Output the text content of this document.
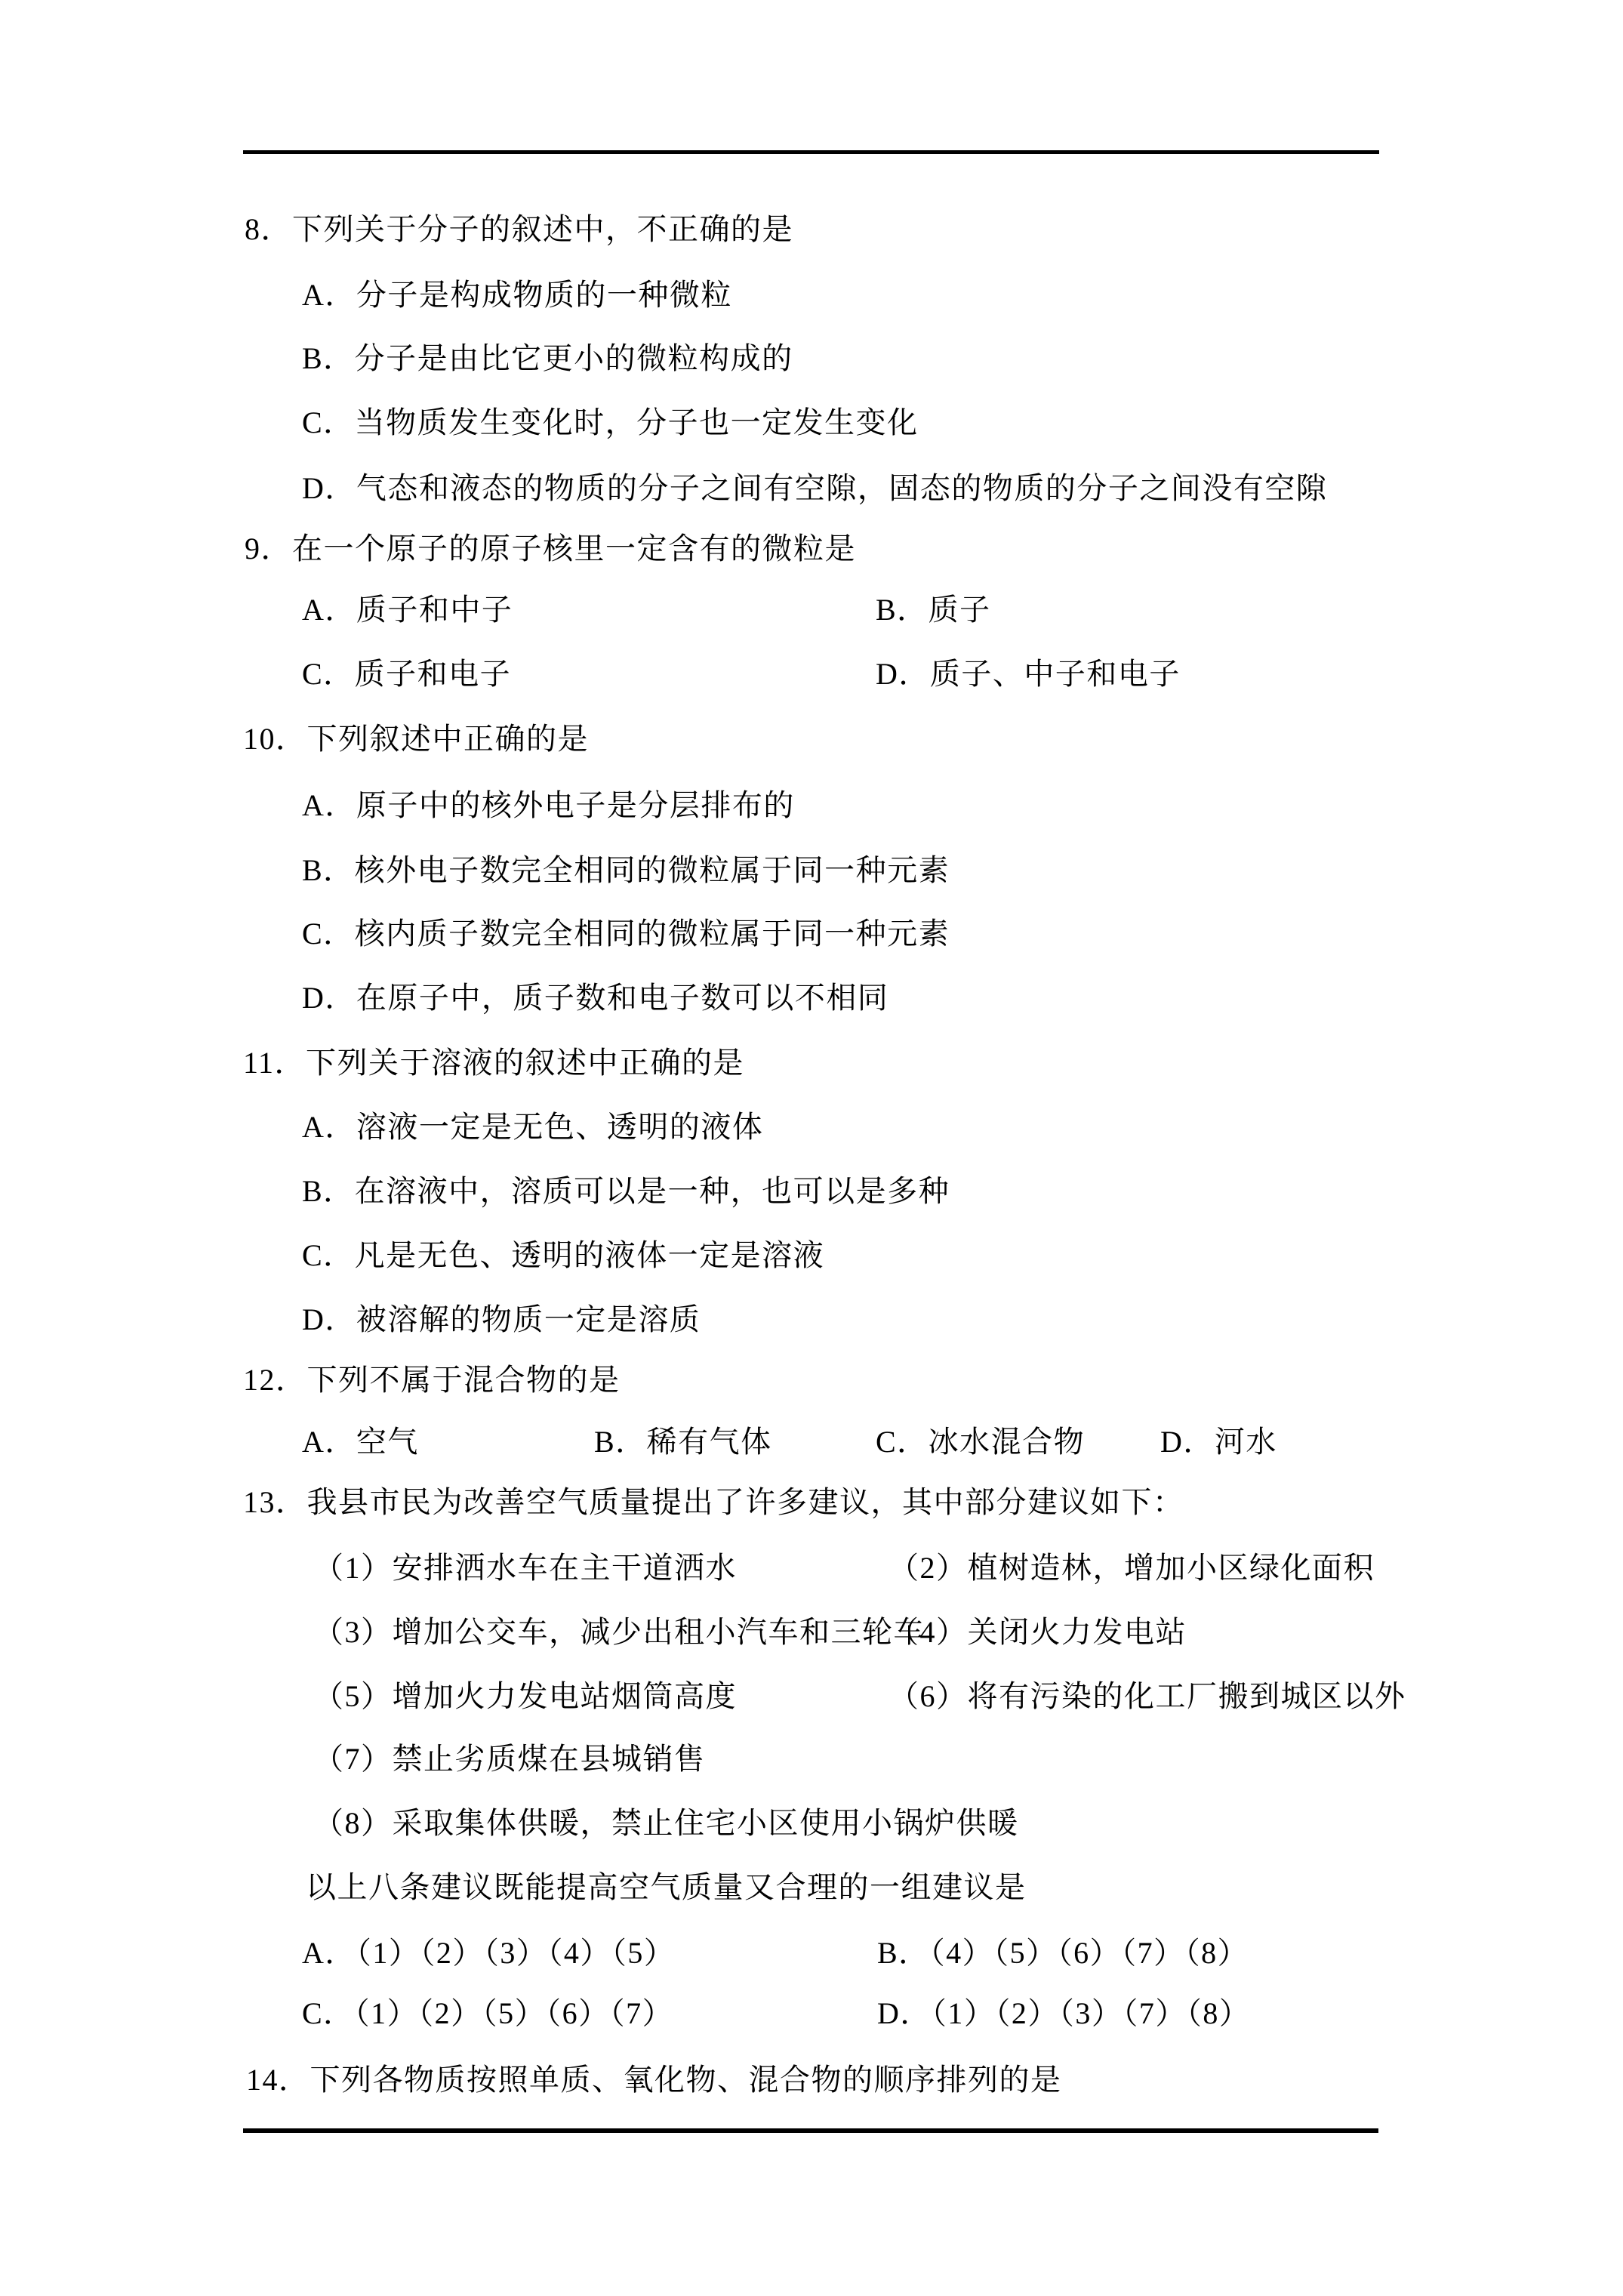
8．下列关于分子的叙述中，不正确的是
A．分子是构成物质的一种微粒
B．分子是由比它更小的微粒构成的
C．当物质发生变化时，分子也一定发生变化
D．气态和液态的物质的分子之间有空隙，固态的物质的分子之间没有空隙
9．在一个原子的原子核里一定含有的微粒是
A．质子和中子	B．质子
C．质子和电子	D．质子、中子和电子
10．下列叙述中正确的是
A．原子中的核外电子是分层排布的
B．核外电子数完全相同的微粒属于同一种元素
C．核内质子数完全相同的微粒属于同一种元素
D．在原子中，质子数和电子数可以不相同
11．下列关于溶液的叙述中正确的是
A．溶液一定是无色、透明的液体
B．在溶液中，溶质可以是一种，也可以是多种
C．凡是无色、透明的液体一定是溶液
D．被溶解的物质一定是溶质
12．下列不属于混合物的是
A．空气	B．稀有气体	C．冰水混合物 D．河水
13．我县市民为改善空气质量提出了许多建议，其中部分建议如下：
（1）安排洒水车在主干道洒水	（2）植树造林，增加小区绿化面积
（3）增加公交车，减少出租小汽车和三轮车
（4）关闭火力发电站
（5）增加火力发电站烟筒高度	（6）将有污染的化工厂搬到城区以外
（7）禁止劣质煤在县城销售
（8）采取集体供暖，禁止住宅小区使用小锅炉供暖
以上八条建议既能提高空气质量又合理的一组建议是
A．（1）（2）（3）（4）（5）	B．（4）（5）（6）（7）（8）
C．（1）（2）（5）（6）（7）	D．（1）（2）（3）（7）（8）
14．下列各物质按照单质、氧化物、混合物的顺序排列的是
